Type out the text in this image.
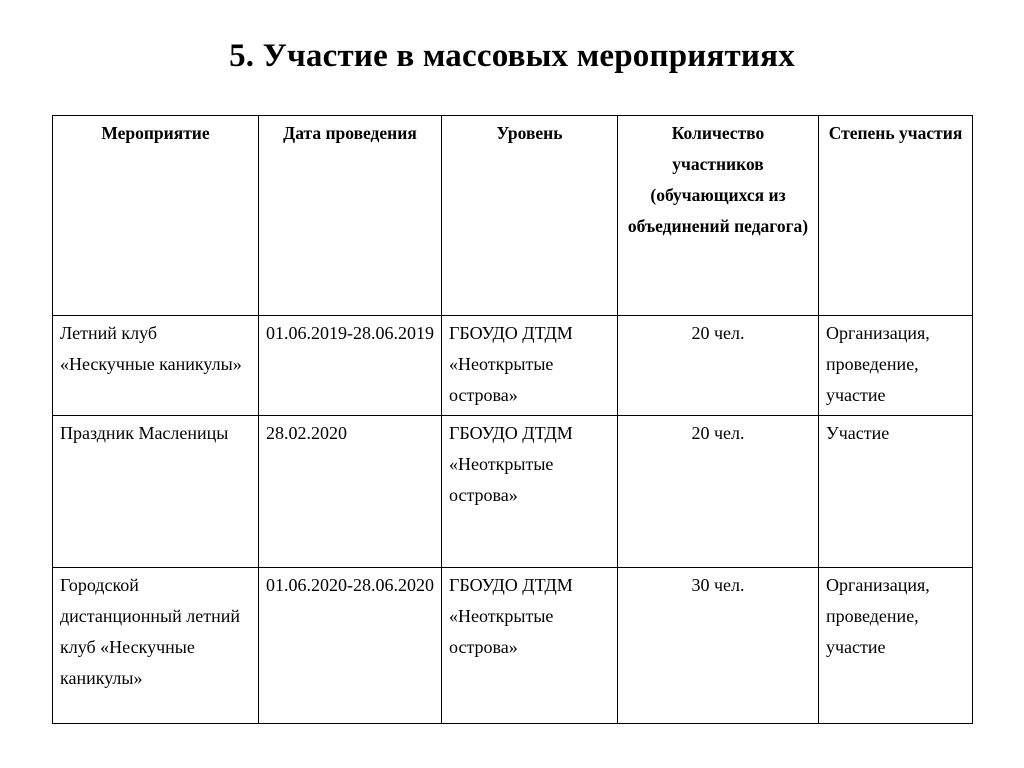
5. Участие в массовых мероприятиях
Мероприятие	Дата проведения	Уровень	Количество участников (обучающихся из объединений педагога)	Степень участия
Летний клуб «Нескучные каникулы»	01.06.2019-28.06.2019	ГБОУДО ДТДМ «Неоткрытые острова»	20 чел.	Организация, проведение, участие
Праздник Масленицы	28.02.2020	ГБОУДО ДТДМ «Неоткрытые острова»	20 чел.	Участие
Городской дистанционный летний клуб «Нескучные каникулы»	01.06.2020-28.06.2020	ГБОУДО ДТДМ «Неоткрытые острова»	30 чел.	Организация, проведение, участие
